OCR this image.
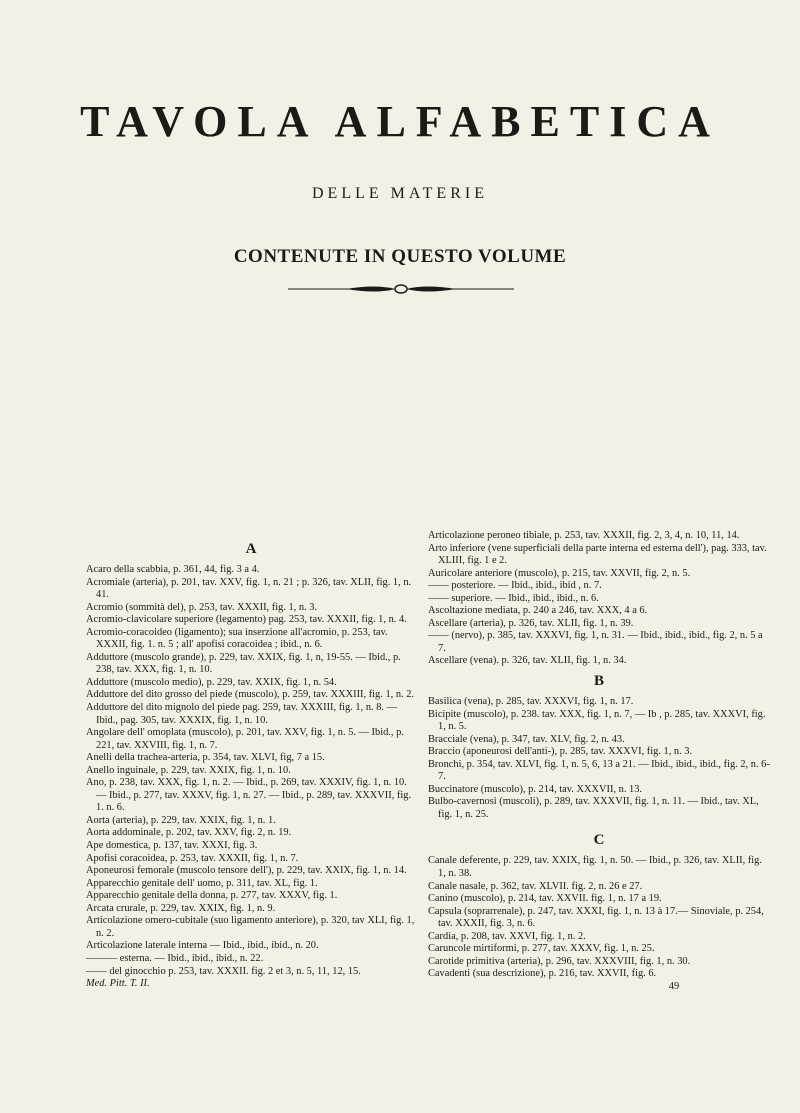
TAVOLA ALFABETICA
DELLE MATERIE
CONTENUTE IN QUESTO VOLUME
A

Acaro della scabbia, p. 361, 44, fig. 3 a 4.

Acromiale (arteria), p. 201, tav. XXV, fig. 1, n. 21 ; p. 326, tav. XLII, fig. 1, n. 41.

Acromio (sommità del), p. 253, tav. XXXII, fig. 1, n. 3.

Acromio-clavicolare superiore (legamento) pag. 253, tav. XXXII, fig. 1, n. 4.

Acromio-coracoideo (ligamento); sua inserzione all'acromio, p. 253, tav. XXXII, fig. 1. n. 5 ; all' apofisi coracoidea ; ibid., n. 6.

Adduttore (muscolo grande), p. 229, tav. XXIX, fig. 1, n, 19-55. — Ibid., p. 238, tav. XXX, fig. 1, n. 10.

Adduttore (muscolo medio), p. 229, tav. XXIX, fig. 1, n. 54.

Adduttore del dito grosso del piede (muscolo), p. 259, tav. XXXIII, fig. 1, n. 2.

Adduttore del dito mignolo del piede pag. 259, tav. XXXIII, fig. 1, n. 8. — Ibid., pag. 305, tav. XXXIX, fig. 1, n. 10.

Angolare dell' omoplata (muscolo), p. 201, tav. XXV, fig. 1, n. 5. — Ibid., p. 221, tav. XXVIII, fig. 1, n. 7.

Anelli della trachea-arteria, p. 354, tav. XLVI, fig, 7 a 15.

Anello inguinale, p. 229, tav. XXIX, fig. 1, n. 10.

Ano, p. 238, tav. XXX, fig. 1, n. 2. — Ibid., p. 269, tav. XXXIV, fig. 1, n. 10. — Ibid., p. 277, tav. XXXV, fig. 1, n. 27. — Ibid., p. 289, tav. XXXVII, fig. 1. n. 6.

Aorta (arteria), p. 229, tav. XXIX, fig. 1, n. 1.

Aorta addominale, p. 202, tav. XXV, fig. 2, n. 19.

Ape domestica, p. 137, tav. XXXI, fig. 3.

Apofisi coracoidea, p. 253, tav. XXXII, fig. 1, n. 7.

Aponeurosi femorale (muscolo tensore dell'), p. 229, tav. XXIX, fig. 1, n. 14.

Apparecchio genitale dell' uomo, p. 311, tav. XL, fig. 1.

Apparecchio genitale della donna, p. 277, tav. XXXV, fig. 1.

Arcata crurale, p. 229, tav. XXIX, fig. 1, n. 9.

Articolazione omero-cubitale (suo ligamento anteriore), p. 320, tav XLI, fig. 1, n. 2.

Articolazione laterale interna — Ibid., ibid., ibid., n. 20.

——— esterna. — Ibid., ibid., ibid., n. 22.

—— del ginocchio p. 253, tav. XXXII. fig. 2 et 3, n. 5, 11, 12, 15.

Med. Pitt. T. II.

Articolazione peroneo tibiale, p. 253, tav. XXXII, fig. 2, 3, 4, n. 10, 11, 14.

Arto inferiore (vene superficiali della parte interna ed esterna dell'), pag. 333, tav. XLIII, fig. 1 e 2.

Auricolare anteriore (muscolo), p. 215, tav. XXVII, fig. 2, n. 5.

—— posteriore. — Ibid., ibid., ibid , n. 7.

—— superiore. — Ibid., ibid., ibid., n. 6.

Ascoltazione mediata, p. 240 a 246, tav. XXX, 4 a 6.

Ascellare (arteria), p. 326, tav. XLII, fig. 1, n. 39.

—— (nervo), p. 385, tav. XXXVI, fig. 1, n. 31. — Ibid., ibid., ibid., fig. 2, n. 5 a 7.

Ascellare (vena). p. 326, tav. XLII, fig. 1, n. 34.

B

Basilica (vena), p. 285, tav. XXXVI, fig. 1, n. 17.

Bicipite (muscolo), p. 238. tav. XXX, fig. 1, n. 7, — Ib , p. 285, tav. XXXVI, fig. 1, n. 5.

Bracciale (vena), p. 347, tav. XLV, fig. 2, n. 43.

Braccio (aponeurosi dell'anti-), p. 285, tav. XXXVI, fig. 1, n. 3.

Bronchi, p. 354, tav. XLVI, fig. 1, n. 5, 6, 13 a 21. — Ibid., ibid., ibid., fig. 2, n. 6-7.

Buccinatore (muscolo), p. 214, tav. XXXVII, n. 13.

Bulbo-cavernosi (muscoli), p. 289, tav. XXXVII, fig. 1, n. 11. — Ibid., tav. XL, fig. 1, n. 25.

C

Canale deferente, p. 229, tav. XXIX, fig. 1, n. 50. — Ibid., p. 326, tav. XLII, fig. 1, n. 38.

Canale nasale, p. 362, tav. XLVII. fig. 2, n. 26 e 27.

Canino (muscolo), p. 214, tav. XXVII. fig. 1, n. 17 a 19.

Capsula (soprarrenale), p. 247, tav. XXXI, fig. 1, n. 13 à 17.— Sinoviale, p. 254, tav. XXXII, fig. 3, n. 6.

Cardia, p. 208, tav. XXVI, fig. 1, n. 2.

Caruncole mirtiformi, p. 277, tav. XXXV, fig. 1, n. 25.

Carotide primitiva (arteria), p. 296, tav. XXXVIII, fig. 1, n. 30.

Cavadenti (sua descrizione), p. 216, tav. XXVII, fig. 6.

49
